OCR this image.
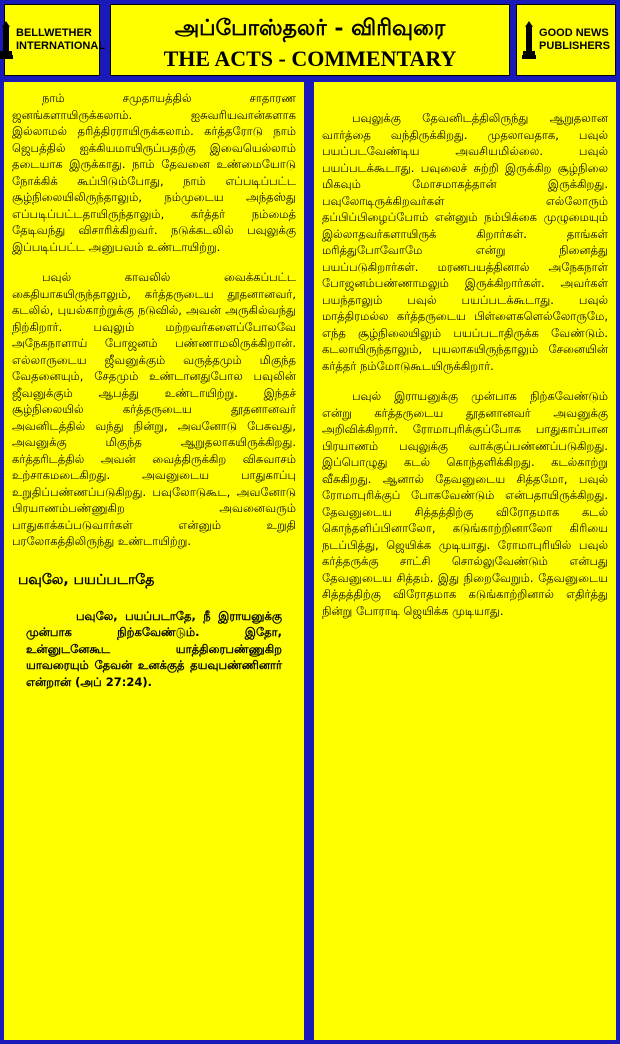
BELLWETHER
INTERNATIONAL
அப்போஸ்தலர் - விரிவுரை
THE ACTS - COMMENTARY
GOOD NEWS
PUBLISHERS

நாம் சமுதாயத்தில் சாதாரண ஜனங்களாயிருக்கலாம். ஐசுவரியவான்களாக இல்லாமல் தரித்திரராயிருக்கலாம். கர்த்தரோடு நாம் ஜெபத்தில் ஐக்கியமாயிருப்பதற்கு இவையெல்லாம் தடையாக இருக்காது. நாம் தேவனை உண்மையோடு நோக்கிக் கூப்பிடும்போது, நாம் எப்படிப்பட்ட சூழ்நிலையிலிருந்தாலும், நம்முடைய அந்தஸ்து எப்படிப்பட்டதாயிருந்தாலும், கர்த்தர் நம்மைத் தேடிவந்து விசாரிக்கிறவர். நடுக்கடலில் பவுலுக்கு இப்படிப்பட்ட அனுபவம் உண்டாயிற்று.

பவுல் காவலில் வைக்கப்பட்ட கைதியாகயிருந்தாலும், கர்த்தருடைய தூதனானவர், கடலில், புயல்காற்றுக்கு நடுவில், அவன் அருகில்வந்து நிற்கிறார். பவுலும் மற்றவர்களைப்போலவே அநேகநாளாய் போஜனம் பண்ணாமலிருக்கிறான். எல்லாருடைய ஜீவனுக்கும் வருத்தமும் மிகுந்த வேதனையும், சேதமும் உண்டானதுபோல பவுலின் ஜீவனுக்கும் ஆபத்து உண்டாயிற்று. இந்தச் சூழ்நிலையில் கர்த்தருடைய தூதனானவர் அவனிடத்தில் வந்து நின்று, அவனோடு பேசுவது, அவனுக்கு மிகுந்த ஆறுதலாகயிருக்கிறது. கர்த்தரிடத்தில் அவன் வைத்திருக்கிற விசுவாசம் உற்சாகமடைகிறது. அவனுடைய பாதுகாப்பு உறுதிப்பண்ணப்படுகிறது. பவுலோடுகூட, அவனோடு பிரயாணம்பண்ணுகிற அவனைவரும் பாதுகாக்கப்படுவார்கள் என்னும் உறுதி பரலோகத்திலிருந்து உண்டாயிற்று.

பவுலே, பயப்படாதே

பவுலே, பயப்படாதே, நீ இராயனுக்கு முன்பாக நிற்கவேண்டும். இதோ, உன்னுடனேகூட யாத்திரைபண்ணுகிற யாவரையும் தேவன் உனக்குத் தயவுபண்ணினார் என்றான் (அப் 27:24).

பவுலுக்கு தேவனிடத்திலிருந்து ஆறுதலான வார்த்தை வந்திருக்கிறது. முதலாவதாக, பவுல் பயப்படவேண்டிய அவசியமில்லை. பவுல் பயப்படக்கூடாது. பவுலைச் சுற்றி இருக்கிற சூழ்நிலை மிகவும் மோசமாகத்தான் இருக்கிறது. பவுலோடிருக்கிறவர்கள் எல்லோரும் தப்பிப்பிழைப்போம் என்னும் நம்பிக்கை முழுமையும் இல்லாதவர்களாயிருக் கிறார்கள். தாங்கள் மரித்துபோவோமே என்று நினைத்து பயப்படுகிறார்கள். மரணபயத்தினால் அநேகநாள் போஜனம்பண்ணாமலும் இருக்கிறார்கள். அவர்கள் பயந்தாலும் பவுல் பயப்படக்கூடாது. பவுல் மாத்திரமல்ல கர்த்தருடைய பிள்ளைகளெல்லோருமே, எந்த சூழ்நிலையிலும் பயப்படாதிருக்க வேண்டும். கடலாயிருந்தாலும், புயலாகயிருந்தாலும் சேனையின் கர்த்தர் நம்மோடுகூடயிருக்கிறார்.

பவுல் இராயனுக்கு முன்பாக நிற்கவேண்டும் என்று கர்த்தருடைய தூதனானவர் அவனுக்கு அறிவிக்கிறார். ரோமாபுரிக்குப்போக பாதுகாப்பான பிரயாணம் பவுலுக்கு வாக்குப்பண்ணப்படுகிறது. இப்பொழுது கடல் கொந்தளிக்கிறது. கடல்காற்று வீசுகிறது. ஆனால் தேவனுடைய சித்தமோ, பவுல் ரோமாபுரிக்குப் போகவேண்டும் என்பதாயிருக்கிறது. தேவனுடைய சித்தத்திற்கு விரோதமாக கடல் கொந்தளிப்பினாலோ, கடுங்காற்றினாலோ கிரியை நடப்பித்து, ஜெயிக்க முடியாது. ரோமாபுரியில் பவுல் கர்த்தருக்கு சாட்சி சொல்லுவேண்டும் என்பது தேவனுடைய சித்தம். இது நிறைவேறும். தேவனுடைய சித்தத்திற்கு விரோதமாக கடுங்காற்றினால் எதிர்த்து நின்று போராடி ஜெயிக்க முடியாது.
